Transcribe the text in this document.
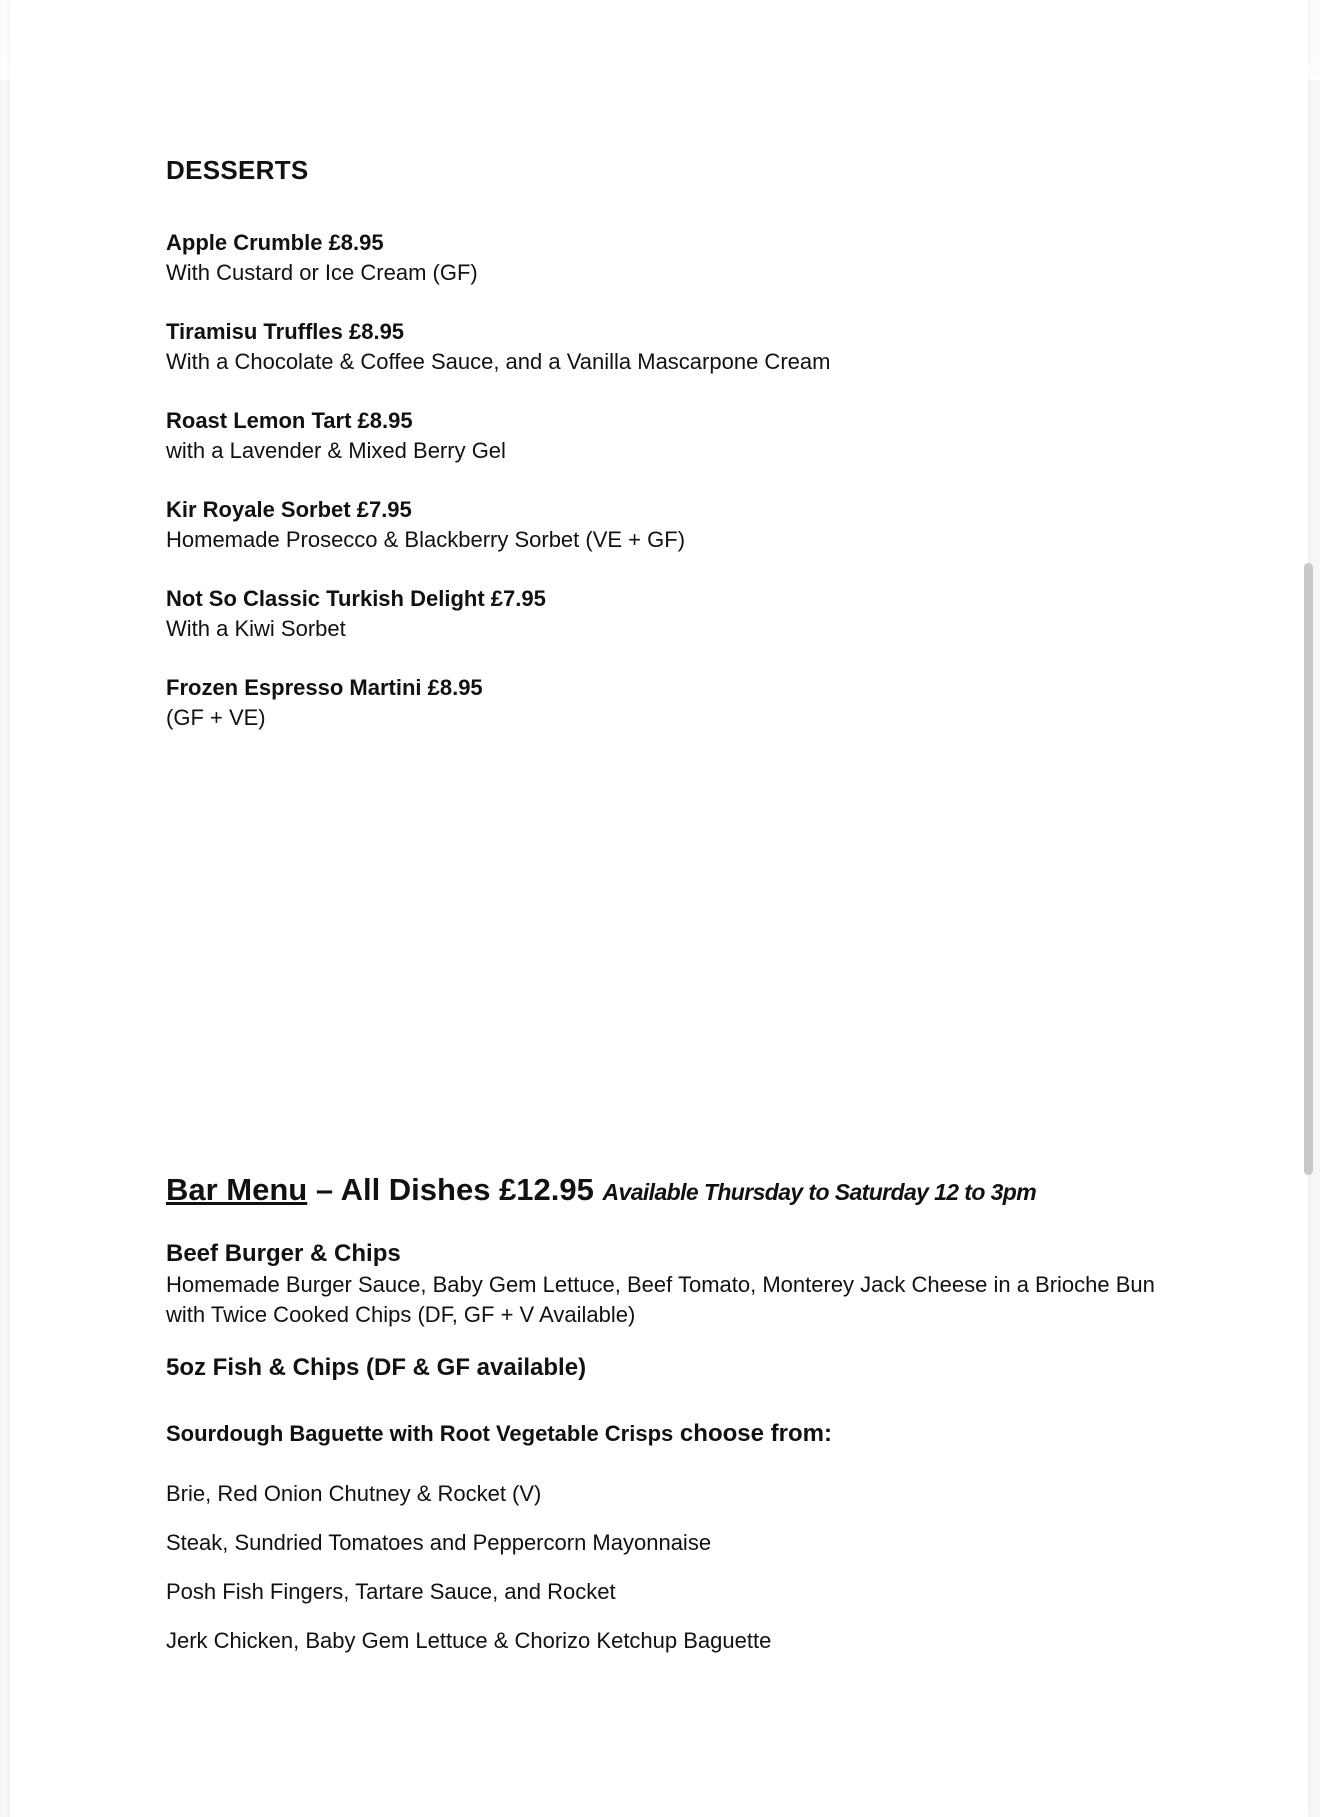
DESSERTS

Apple Crumble £8.95

With Custard or Ice Cream (GF)

Tiramisu Truffles £8.95

With a Chocolate & Coffee Sauce, and a Vanilla Mascarpone Cream

Roast Lemon Tart £8.95

with a Lavender & Mixed Berry Gel

Kir Royale Sorbet £7.95

Homemade Prosecco & Blackberry Sorbet (VE + GF)

Not So Classic Turkish Delight £7.95

With a Kiwi Sorbet

Frozen Espresso Martini £8.95

(GF + VE)

Bar Menu – All Dishes £12.95 Available Thursday to Saturday 12 to 3pm

Beef Burger & Chips

Homemade Burger Sauce, Baby Gem Lettuce, Beef Tomato, Monterey Jack Cheese in a Brioche Bun with Twice Cooked Chips (DF, GF + V Available)

5oz Fish & Chips (DF & GF available)

Sourdough Baguette with Root Vegetable Crisps choose from:

Brie, Red Onion Chutney & Rocket (V)
Steak, Sundried Tomatoes and Peppercorn Mayonnaise
Posh Fish Fingers, Tartare Sauce, and Rocket
Jerk Chicken, Baby Gem Lettuce & Chorizo Ketchup Baguette
